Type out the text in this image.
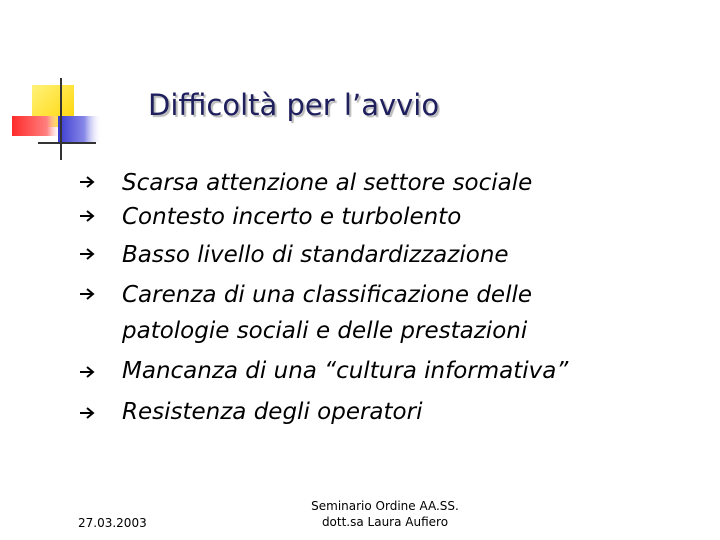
Difficoltà per l’avvio
Scarsa attenzione al settore sociale
Contesto incerto e turbolento
Basso livello di standardizzazione
Carenza di una classificazione delle
patologie sociali e delle prestazioni
Mancanza di una “cultura informativa”
Resistenza degli operatori
27.03.2003
Seminario Ordine AA.SS.
dott.sa Laura Aufiero
